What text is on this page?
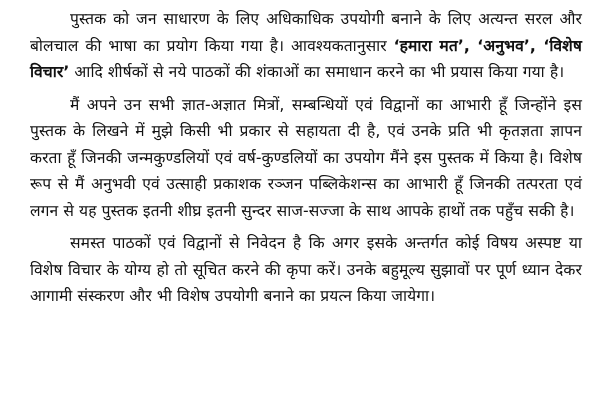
पुस्तक को जन साधारण के लिए अधिकाधिक उपयोगी बनाने के लिए अत्यन्त सरल और बोलचाल की भाषा का प्रयोग किया गया है। आवश्यकतानुसार ‘हमारा मत’, ‘अनुभव’, ‘विशेष विचार’ आदि शीर्षकों से नये पाठकों की शंकाओं का समाधान करने का भी प्रयास किया गया है।

मैं अपने उन सभी ज्ञात-अज्ञात मित्रों, सम्बन्धियों एवं विद्वानों का आभारी हूँ जिन्होंने इस पुस्तक के लिखने में मुझे किसी भी प्रकार से सहायता दी है, एवं उनके प्रति भी कृतज्ञता ज्ञापन करता हूँ जिनकी जन्मकुण्डलियों एवं वर्ष-कुण्डलियों का उपयोग मैंने इस पुस्तक में किया है। विशेष रूप से मैं अनुभवी एवं उत्साही प्रकाशक रञ्जन पब्लिकेशन्स का आभारी हूँ जिनकी तत्परता एवं लगन से यह पुस्तक इतनी शीघ्र इतनी सुन्दर साज-सज्जा के साथ आपके हाथों तक पहुँच सकी है।

समस्त पाठकों एवं विद्वानों से निवेदन है कि अगर इसके अन्तर्गत कोई विषय अस्पष्ट या विशेष विचार के योग्य हो तो सूचित करने की कृपा करें। उनके बहुमूल्य सुझावों पर पूर्ण ध्यान देकर आगामी संस्करण और भी विशेष उपयोगी बनाने का प्रयत्न किया जायेगा।
